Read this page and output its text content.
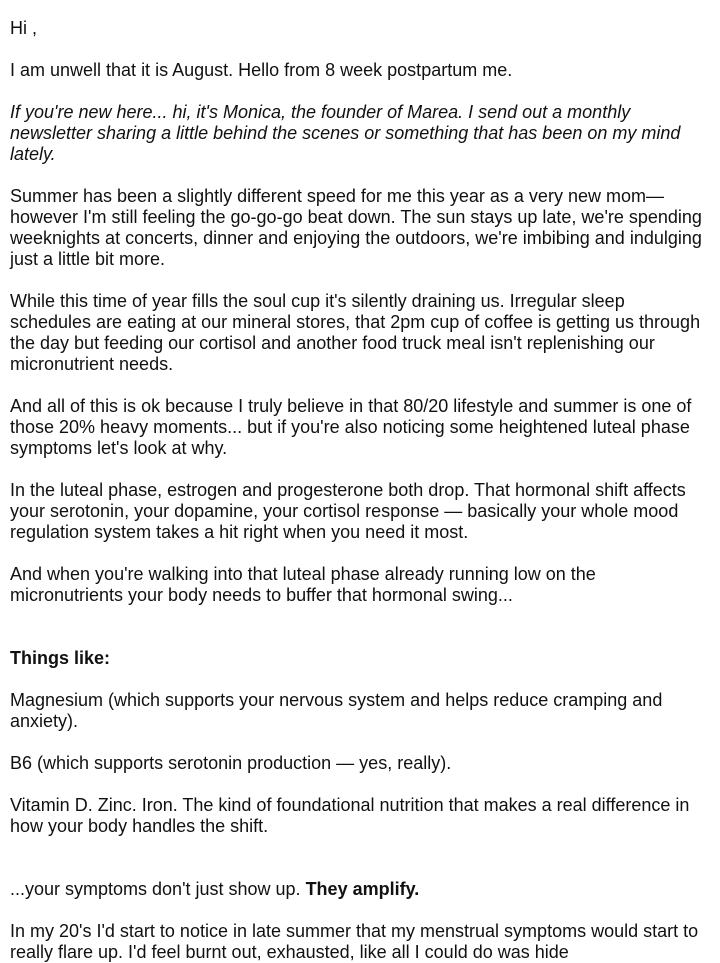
Hi ,

I am unwell that it is August. Hello from 8 week postpartum me.

If you're new here... hi, it's Monica, the founder of Marea. I send out a monthly newsletter sharing a little behind the scenes or something that has been on my mind lately.

Summer has been a slightly different speed for me this year as a very new mom—however I'm still feeling the go-go-go beat down. The sun stays up late, we're spending weeknights at concerts, dinner and enjoying the outdoors, we're imbibing and indulging just a little bit more.

While this time of year fills the soul cup it's silently draining us. Irregular sleep schedules are eating at our mineral stores, that 2pm cup of coffee is getting us through the day but feeding our cortisol and another food truck meal isn't replenishing our micronutrient needs.

And all of this is ok because I truly believe in that 80/20 lifestyle and summer is one of those 20% heavy moments... but if you're also noticing some heightened luteal phase symptoms let's look at why.

In the luteal phase, estrogen and progesterone both drop. That hormonal shift affects your serotonin, your dopamine, your cortisol response — basically your whole mood regulation system takes a hit right when you need it most.

And when you're walking into that luteal phase already running low on the micronutrients your body needs to buffer that hormonal swing...

Things like:

Magnesium (which supports your nervous system and helps reduce cramping and anxiety).

B6 (which supports serotonin production — yes, really).

Vitamin D. Zinc. Iron. The kind of foundational nutrition that makes a real difference in how your body handles the shift.

...your symptoms don't just show up. They amplify.

In my 20's I'd start to notice in late summer that my menstrual symptoms would start to really flare up. I'd feel burnt out, exhausted, like all I could do was hide
